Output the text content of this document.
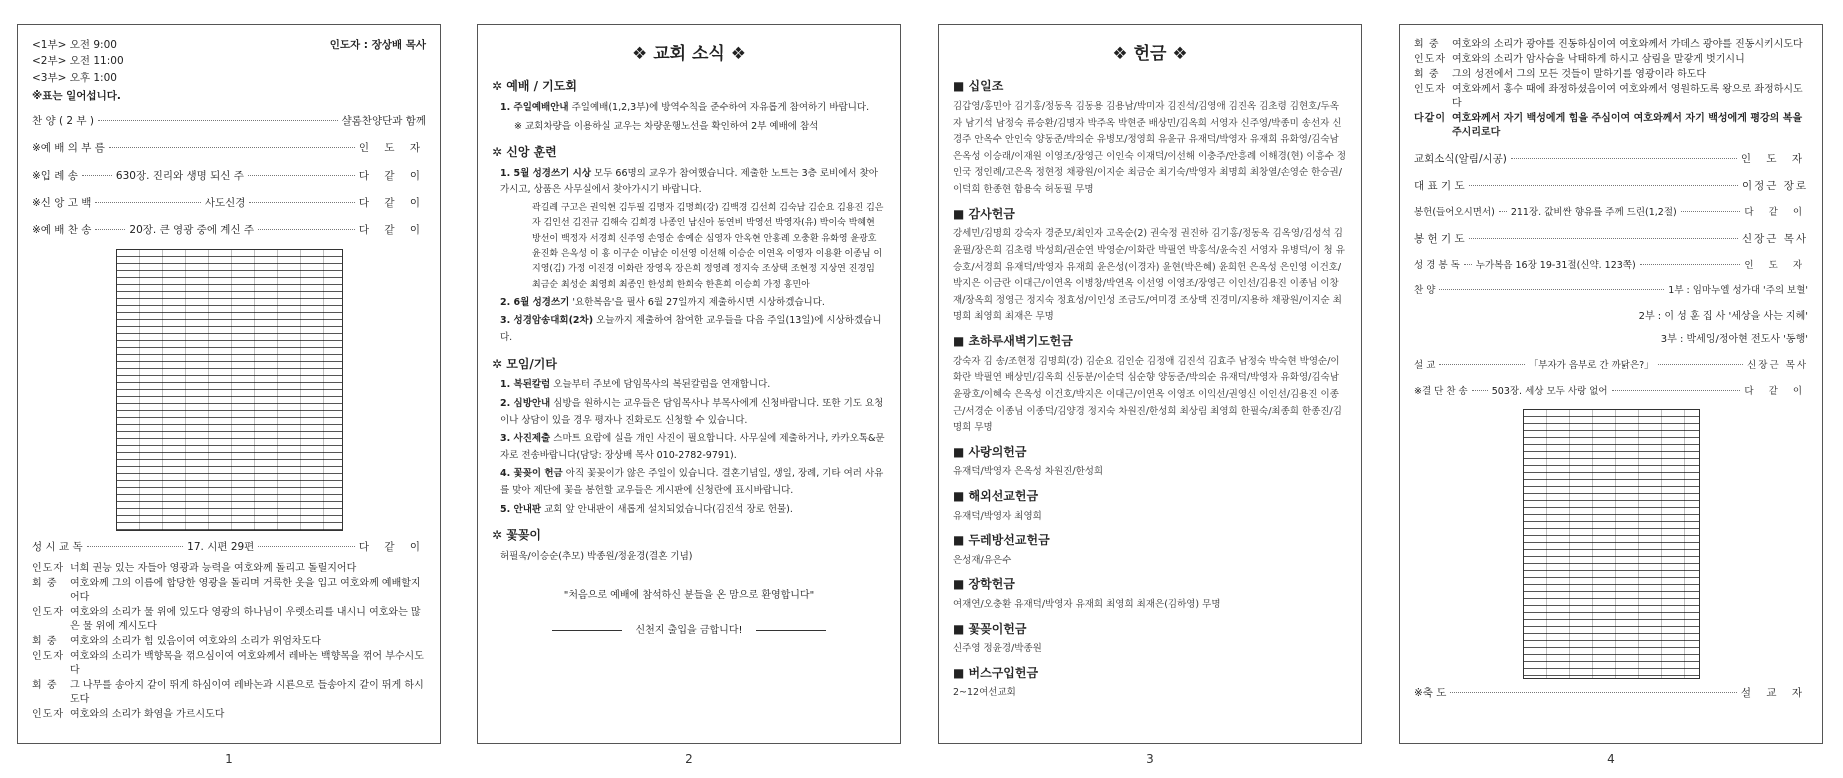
<1부> 오전 9:00
<2부> 오전 11:00
<3부> 오후 1:00
인도자 : 장상배 목사
※표는 일어섭니다.
찬 양 ( 2 부 )	샬롬찬양단과 함께
※예 배 의 부 름	인 도 자
※입 례 송	630장. 진리와 생명 되신 주	다 같 이
※신 앙 고 백	사도신경	다 같 이
※예 배 찬 송	20장. 큰 영광 중에 계신 주	다 같 이
성 시 교 독	17. 시편 29편	다 같 이
인도자 너희 권능 있는 자들아 영광과 능력을 여호와께 돌리고 돌릴지어다
회 중	여호와께 그의 이름에 합당한 영광을 돌리며 거룩한 옷을 입고 여호와께 예배할지어다
인도자 여호와의 소리가 물 위에 있도다 영광의 하나님이 우렛소리를 내시니 여호와는 많은 물 위에 계시도다
회 중	여호와의 소리가 힘 있음이여 여호와의 소리가 위엄차도다
인도자 여호와의 소리가 백향목을 꺾으심이여 여호와께서 레바논 백향목을 꺾어 부수시도다
회 중	그 나무를 송아지 같이 뛰게 하심이여 레바논과 시룐으로 들송아지 같이 뛰게 하시도다
인도자 여호와의 소리가 화염을 가르시도다
❖ 교회 소식 ❖
✲ 예배 / 기도회
1. 주일예배안내 주일예배(1,2,3부)에 방역수칙을 준수하여 자유롭게 참여하기 바랍니다.
※ 교회차량을 이용하실 교우는 차량운행노선을 확인하여 2부 예배에 참석
✲ 신앙 훈련
1. 5월 성경쓰기 시상 모두 66명의 교우가 참여했습니다. 제출한 노트는 3층 로비에서 찾아가시고, 상품은 사무실에서 찾아가시기 바랍니다.
곽길례 구고은 권익현 김두필 김명자 김명희(강) 김백경 김선희 김숙남 김순요 김용진 김은자 김인선 김진규 김해숙 김희경 나종인 남신아 동연비 박영선 박영자(유) 박이숙 박혜현 방선이 백정자 서경희 신주영 손영순 송예순 심영자 안옥현 안홍례 오충환 유화영 윤광호 윤진화 은옥성 이 홍 이구순 이남순 이선영 이선해 이승순 이연옥 이영자 이용환 이종님 이지영(김) 가정 이진경 이화란 장영옥 장은희 정영례 정지숙 조상택 조현정 지상연 진경임 최금순 최성순 최영희 최종인 한성희 한희숙 한흔희 이승희 가정 홍민아
2. 6월 성경쓰기 '요한복음'을 필사 6월 27일까지 제출하시면 시상하겠습니다.
3. 성경암송대회(2차) 오늘까지 제출하여 참여한 교우들을 다음 주일(13일)에 시상하겠습니다.
✲ 모임/기타
1. 복된칼럼 오늘부터 주보에 담임목사의 복된칼럼을 연재합니다.
2. 심방안내 심방을 원하시는 교우들은 담임목사나 부목사에게 신청바랍니다. 또한 기도 요청이나 상담이 있을 경우 평자나 진화로도 신청할 수 있습니다.
3. 사진제출 스마트 요람에 실을 개인 사진이 필요합니다. 사무실에 제출하거나, 카카오톡&문자로 전송바랍니다(담당: 장상배 목사 010-2782-9791).
4. 꽃꽂이 헌금 아직 꽃꽂이가 않은 주일이 있습니다. 결혼기념일, 생일, 장례, 기타 여러 사유를 맞아 제단에 꽃을 봉헌할 교우들은 게시판에 신청란에 표시바랍니다.
5. 안내판 교회 앞 안내판이 새롭게 설치되었습니다(김진석 장로 헌물).
✲ 꽃꽂이
허필욱/이승순(추모) 박종원/정윤경(결혼 기념)
"처음으로 예배에 참석하신 분들을 온 맘으로 환영합니다"
신천지 출입을 금합니다!
❖ 헌금 ❖
■ 십일조
김갑영/홍민아 김기홍/정동옥 김동용 김용남/박미자 김진석/김영애 김진옥 김초령 김현호/두옥자 남기석 남정숙 류승환/김명자 박주옥 박현준 배상민/김옥희 서영자 신주영/박종미 송선자 신경주 안옥수 안인숙 양동준/박의순 유병모/정영희 유윤규 유재덕/박영자 유재희 유화영/김숙남 은옥성 이승래/이재원 이영조/장영근 이인숙 이재덕/이선해 이충주/안흥례 이해경(현) 이흥수 정인국 정인례/고은옥 정현정 채광원/이지순 최금순 최기숙/박영자 최명희 최창열/손영순 한승권/이덕희 한종현 함용숙 허동필 무명
■ 감사헌금
강세민/김명희 강숙자 경준모/최인자 고옥순(2) 권숙정 권진하 김기홍/정동옥 김옥영/김성석 김윤필/장은희 김초령 박성희/권순연 박영순/이화란 박필연 박홍석/윤숙진 서영자 유병덕/이 청 유승호/서경희 유재덕/박영자 유재희 윤은성(이경자) 윤현(박은혜) 윤희헌 은옥성 은인영 이건호/박지은 이금란 이대근/이연옥 이병창/박연옥 이선영 이영조/장영근 이인선/김용진 이종님 이창재/장옥희 정영근 정지숙 정효성/이인성 조금도/여미경 조상택 진경미/지용하 채광원/이지순 최명희 최영희 최재은 무명
■ 초하루새벽기도헌금
강숙자 김 송/조현정 김명희(강) 김순요 김인순 김정애 김진석 김효주 남정숙 박숙현 박영순/이화란 박필연 배상민/김옥희 신동분/이순덕 심순향 양동준/박의순 유재덕/박영자 유화영/김숙남 윤광호/이혜숙 은옥성 이건호/박지은 이대근/이연옥 이영조 이익선/권영신 이인선/김용진 이종근/서경순 이종님 이종덕/김양경 정지숙 차원진/한성희 최상림 최영희 한필숙/최종희 한종진/김명희 무명
■ 사랑의헌금
유재덕/박영자 은옥성 차원진/한성희
■ 해외선교헌금
유재덕/박영자 최영희
■ 두레방선교헌금
은성재/유은수
■ 장학헌금
여재연/오충환 유재덕/박영자 유재희 최영희 최재은(김하영) 무명
■ 꽃꽂이헌금
신주영 정윤경/박종원
■ 버스구입헌금
2~12여선교회
회 중	여호와의 소리가 광야를 진동하심이여 여호와께서 가데스 광야를 진동시키시도다
인도자 여호와의 소리가 암사슴을 낙태하게 하시고 삼림을 말갛게 벗기시니
회 중	그의 성전에서 그의 모든 것들이 말하기를 영광이라 하도다
인도자 여호와께서 홍수 때에 좌정하셨음이여 여호와께서 영원하도록 왕으로 좌정하시도다
다같이 여호와께서 자기 백성에게 힘을 주심이여 여호와께서 자기 백성에게 평강의 복을 주시리로다
교회소식(알림/시공)	인 도 자
대 표 기 도	이정근 장로
봉헌(들어오시면서) 211장. 값비싼 향유를 주께 드린(1,2절)	다 같 이
봉 헌 기 도	신장근 목사
성 경 봉 독 누가복음 16장 19-31절(신약. 123쪽)	인 도 자
찬 양	1부 : 임마누엘 성가대 '주의 보혈'
2부 : 이 성 훈 집 사 '세상을 사는 지혜'
3부 : 박세잉/정아현 전도사 '동행'
설 교	「부자가 음부로 간 까닭은?」	신장근 목사
※결 단 찬 송	503장. 세상 모두 사랑 없어	다 같 이
※축 도	설 교 자
1	2	3	4
